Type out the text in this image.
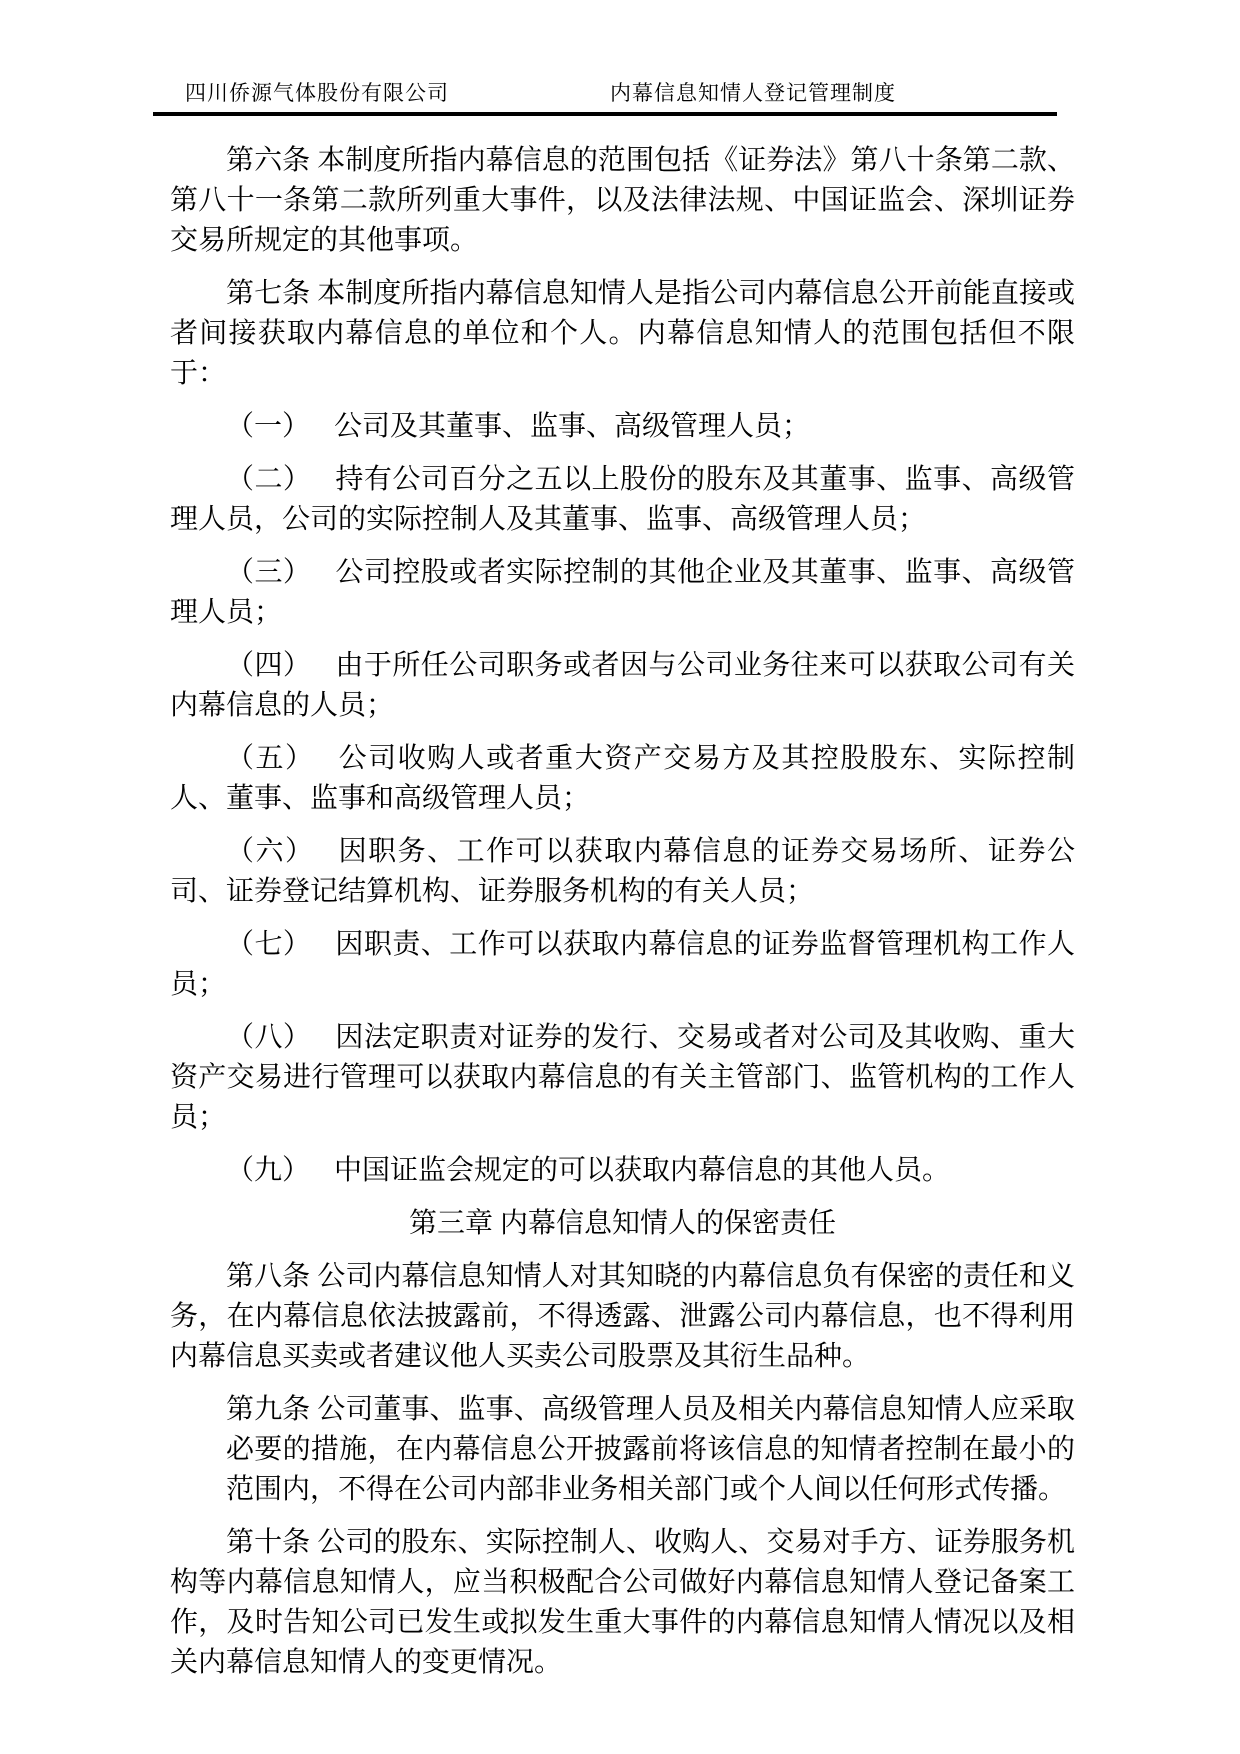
四川侨源气体股份有限公司	内幕信息知情人登记管理制度

第六条 本制度所指内幕信息的范围包括《证券法》第八十条第二款、第八十一条第二款所列重大事件，以及法律法规、中国证监会、深圳证券交易所规定的其他事项。

第七条 本制度所指内幕信息知情人是指公司内幕信息公开前能直接或者间接获取内幕信息的单位和个人。内幕信息知情人的范围包括但不限于：

（一） 公司及其董事、监事、高级管理人员；

（二） 持有公司百分之五以上股份的股东及其董事、监事、高级管理人员，公司的实际控制人及其董事、监事、高级管理人员；

（三） 公司控股或者实际控制的其他企业及其董事、监事、高级管理人员；

（四） 由于所任公司职务或者因与公司业务往来可以获取公司有关内幕信息的人员；

（五） 公司收购人或者重大资产交易方及其控股股东、实际控制人、董事、监事和高级管理人员；

（六） 因职务、工作可以获取内幕信息的证券交易场所、证券公司、证券登记结算机构、证券服务机构的有关人员；

（七） 因职责、工作可以获取内幕信息的证券监督管理机构工作人员；

（八） 因法定职责对证券的发行、交易或者对公司及其收购、重大资产交易进行管理可以获取内幕信息的有关主管部门、监管机构的工作人员；

（九） 中国证监会规定的可以获取内幕信息的其他人员。

第三章 内幕信息知情人的保密责任

第八条 公司内幕信息知情人对其知晓的内幕信息负有保密的责任和义务，在内幕信息依法披露前，不得透露、泄露公司内幕信息，也不得利用内幕信息买卖或者建议他人买卖公司股票及其衍生品种。

第九条 公司董事、监事、高级管理人员及相关内幕信息知情人应采取必要的措施，在内幕信息公开披露前将该信息的知情者控制在最小的范围内，不得在公司内部非业务相关部门或个人间以任何形式传播。

第十条 公司的股东、实际控制人、收购人、交易对手方、证券服务机构等内幕信息知情人，应当积极配合公司做好内幕信息知情人登记备案工作，及时告知公司已发生或拟发生重大事件的内幕信息知情人情况以及相关内幕信息知情人的变更情况。
